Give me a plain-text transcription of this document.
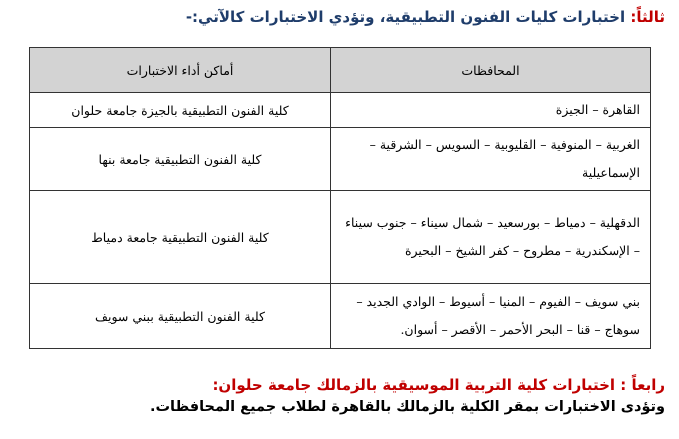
ثالثاً: اختبارات كليات الفنون التطبيقية، وتؤدي الاختبارات كالآتي:-
المحافظات	أماكن أداء الاختبارات
القاهرة – الجيزة	كلية الفنون التطبيقية بالجيزة جامعة حلوان
الغربية – المنوفية – القليوبية – السويس – الشرقية – الإسماعيلية	كلية الفنون التطبيقية جامعة بنها
الدقهلية – دمياط – بورسعيد – شمال سيناء – جنوب سيناء – الإسكندرية – مطروح – كفر الشيخ – البحيرة	كلية الفنون التطبيقية جامعة دمياط
بني سويف – الفيوم – المنيا – أسيوط – الوادي الجديد – سوهاج – قنا – البحر الأحمر – الأقصر – أسوان.	كلية الفنون التطبيقية ببني سويف
رابعاً : اختبارات كلية التربية الموسيقية بالزمالك جامعة حلوان:
وتؤدى الاختبارات بمقر الكلية بالزمالك بالقاهرة لطلاب جميع المحافظات.
